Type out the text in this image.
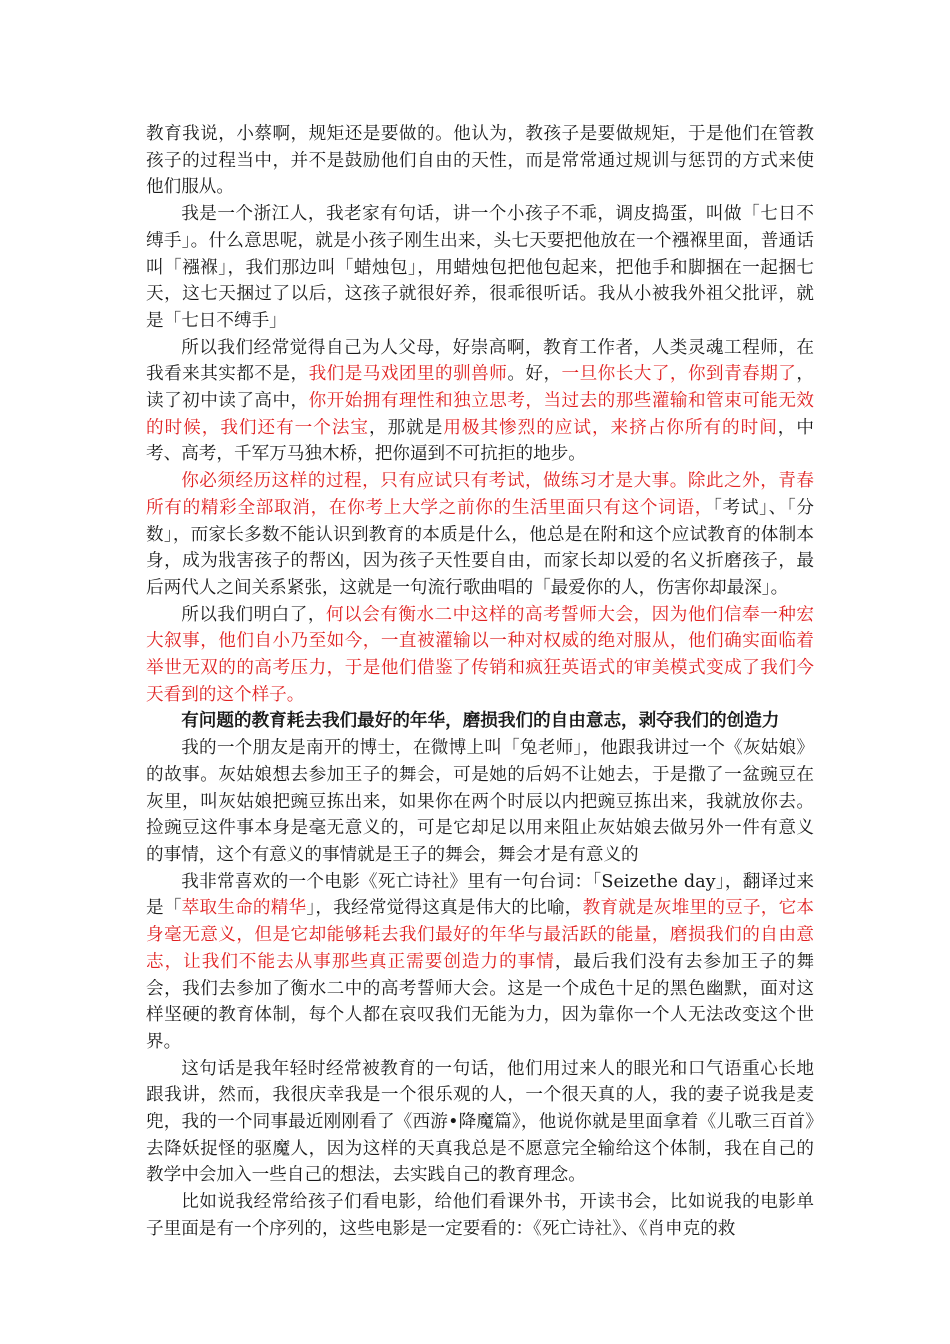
教育我说，小蔡啊，规矩还是要做的。他认为，教孩子是要做规矩，于是他们在管教孩子的过程当中，并不是鼓励他们自由的天性，而是常常通过规训与惩罚的方式来使他们服从。

我是一个浙江人，我老家有句话，讲一个小孩子不乖，调皮捣蛋，叫做「七日不缚手」。什么意思呢，就是小孩子刚生出来，头七天要把他放在一个襁褓里面，普通话叫「襁褓」，我们那边叫「蜡烛包」，用蜡烛包把他包起来，把他手和脚捆在一起捆七天，这七天捆过了以后，这孩子就很好养，很乖很听话。我从小被我外祖父批评，就是「七日不缚手」

所以我们经常觉得自己为人父母，好崇高啊，教育工作者，人类灵魂工程师，在我看来其实都不是，我们是马戏团里的驯兽师。好，一旦你长大了，你到青春期了，读了初中读了高中，你开始拥有理性和独立思考，当过去的那些灌输和管束可能无效的时候，我们还有一个法宝，那就是用极其惨烈的应试，来挤占你所有的时间，中考、高考，千军万马独木桥，把你逼到不可抗拒的地步。

你必须经历这样的过程，只有应试只有考试，做练习才是大事。除此之外，青春所有的精彩全部取消，在你考上大学之前你的生活里面只有这个词语，「考试」、「分数」，而家长多数不能认识到教育的本质是什么，他总是在附和这个应试教育的体制本身，成为戕害孩子的帮凶，因为孩子天性要自由，而家长却以爱的名义折磨孩子，最后两代人之间关系紧张，这就是一句流行歌曲唱的「最爱你的人，伤害你却最深」。

所以我们明白了，何以会有衡水二中这样的高考誓师大会，因为他们信奉一种宏大叙事，他们自小乃至如今，一直被灌输以一种对权威的绝对服从，他们确实面临着举世无双的的高考压力，于是他们借鉴了传销和疯狂英语式的审美模式变成了我们今天看到的这个样子。

有问题的教育耗去我们最好的年华，磨损我们的自由意志，剥夺我们的创造力

我的一个朋友是南开的博士，在微博上叫「兔老师」，他跟我讲过一个《灰姑娘》的故事。灰姑娘想去参加王子的舞会，可是她的后妈不让她去，于是撒了一盆豌豆在灰里，叫灰姑娘把豌豆拣出来，如果你在两个时辰以内把豌豆拣出来，我就放你去。捡豌豆这件事本身是毫无意义的，可是它却足以用来阻止灰姑娘去做另外一件有意义的事情，这个有意义的事情就是王子的舞会，舞会才是有意义的

我非常喜欢的一个电影《死亡诗社》里有一句台词：「Seizethe day」，翻译过来是「萃取生命的精华」，我经常觉得这真是伟大的比喻，教育就是灰堆里的豆子，它本身毫无意义，但是它却能够耗去我们最好的年华与最活跃的能量，磨损我们的自由意志，让我们不能去从事那些真正需要创造力的事情，最后我们没有去参加王子的舞会，我们去参加了衡水二中的高考誓师大会。这是一个成色十足的黑色幽默，面对这样坚硬的教育体制，每个人都在哀叹我们无能为力，因为靠你一个人无法改变这个世界。

这句话是我年轻时经常被教育的一句话，他们用过来人的眼光和口气语重心长地跟我讲，然而，我很庆幸我是一个很乐观的人，一个很天真的人，我的妻子说我是麦兜，我的一个同事最近刚刚看了《西游•降魔篇》，他说你就是里面拿着《儿歌三百首》去降妖捉怪的驱魔人，因为这样的天真我总是不愿意完全输给这个体制，我在自己的教学中会加入一些自己的想法，去实践自己的教育理念。

比如说我经常给孩子们看电影，给他们看课外书，开读书会，比如说我的电影单子里面是有一个序列的，这些电影是一定要看的：《死亡诗社》、《肖申克的救
